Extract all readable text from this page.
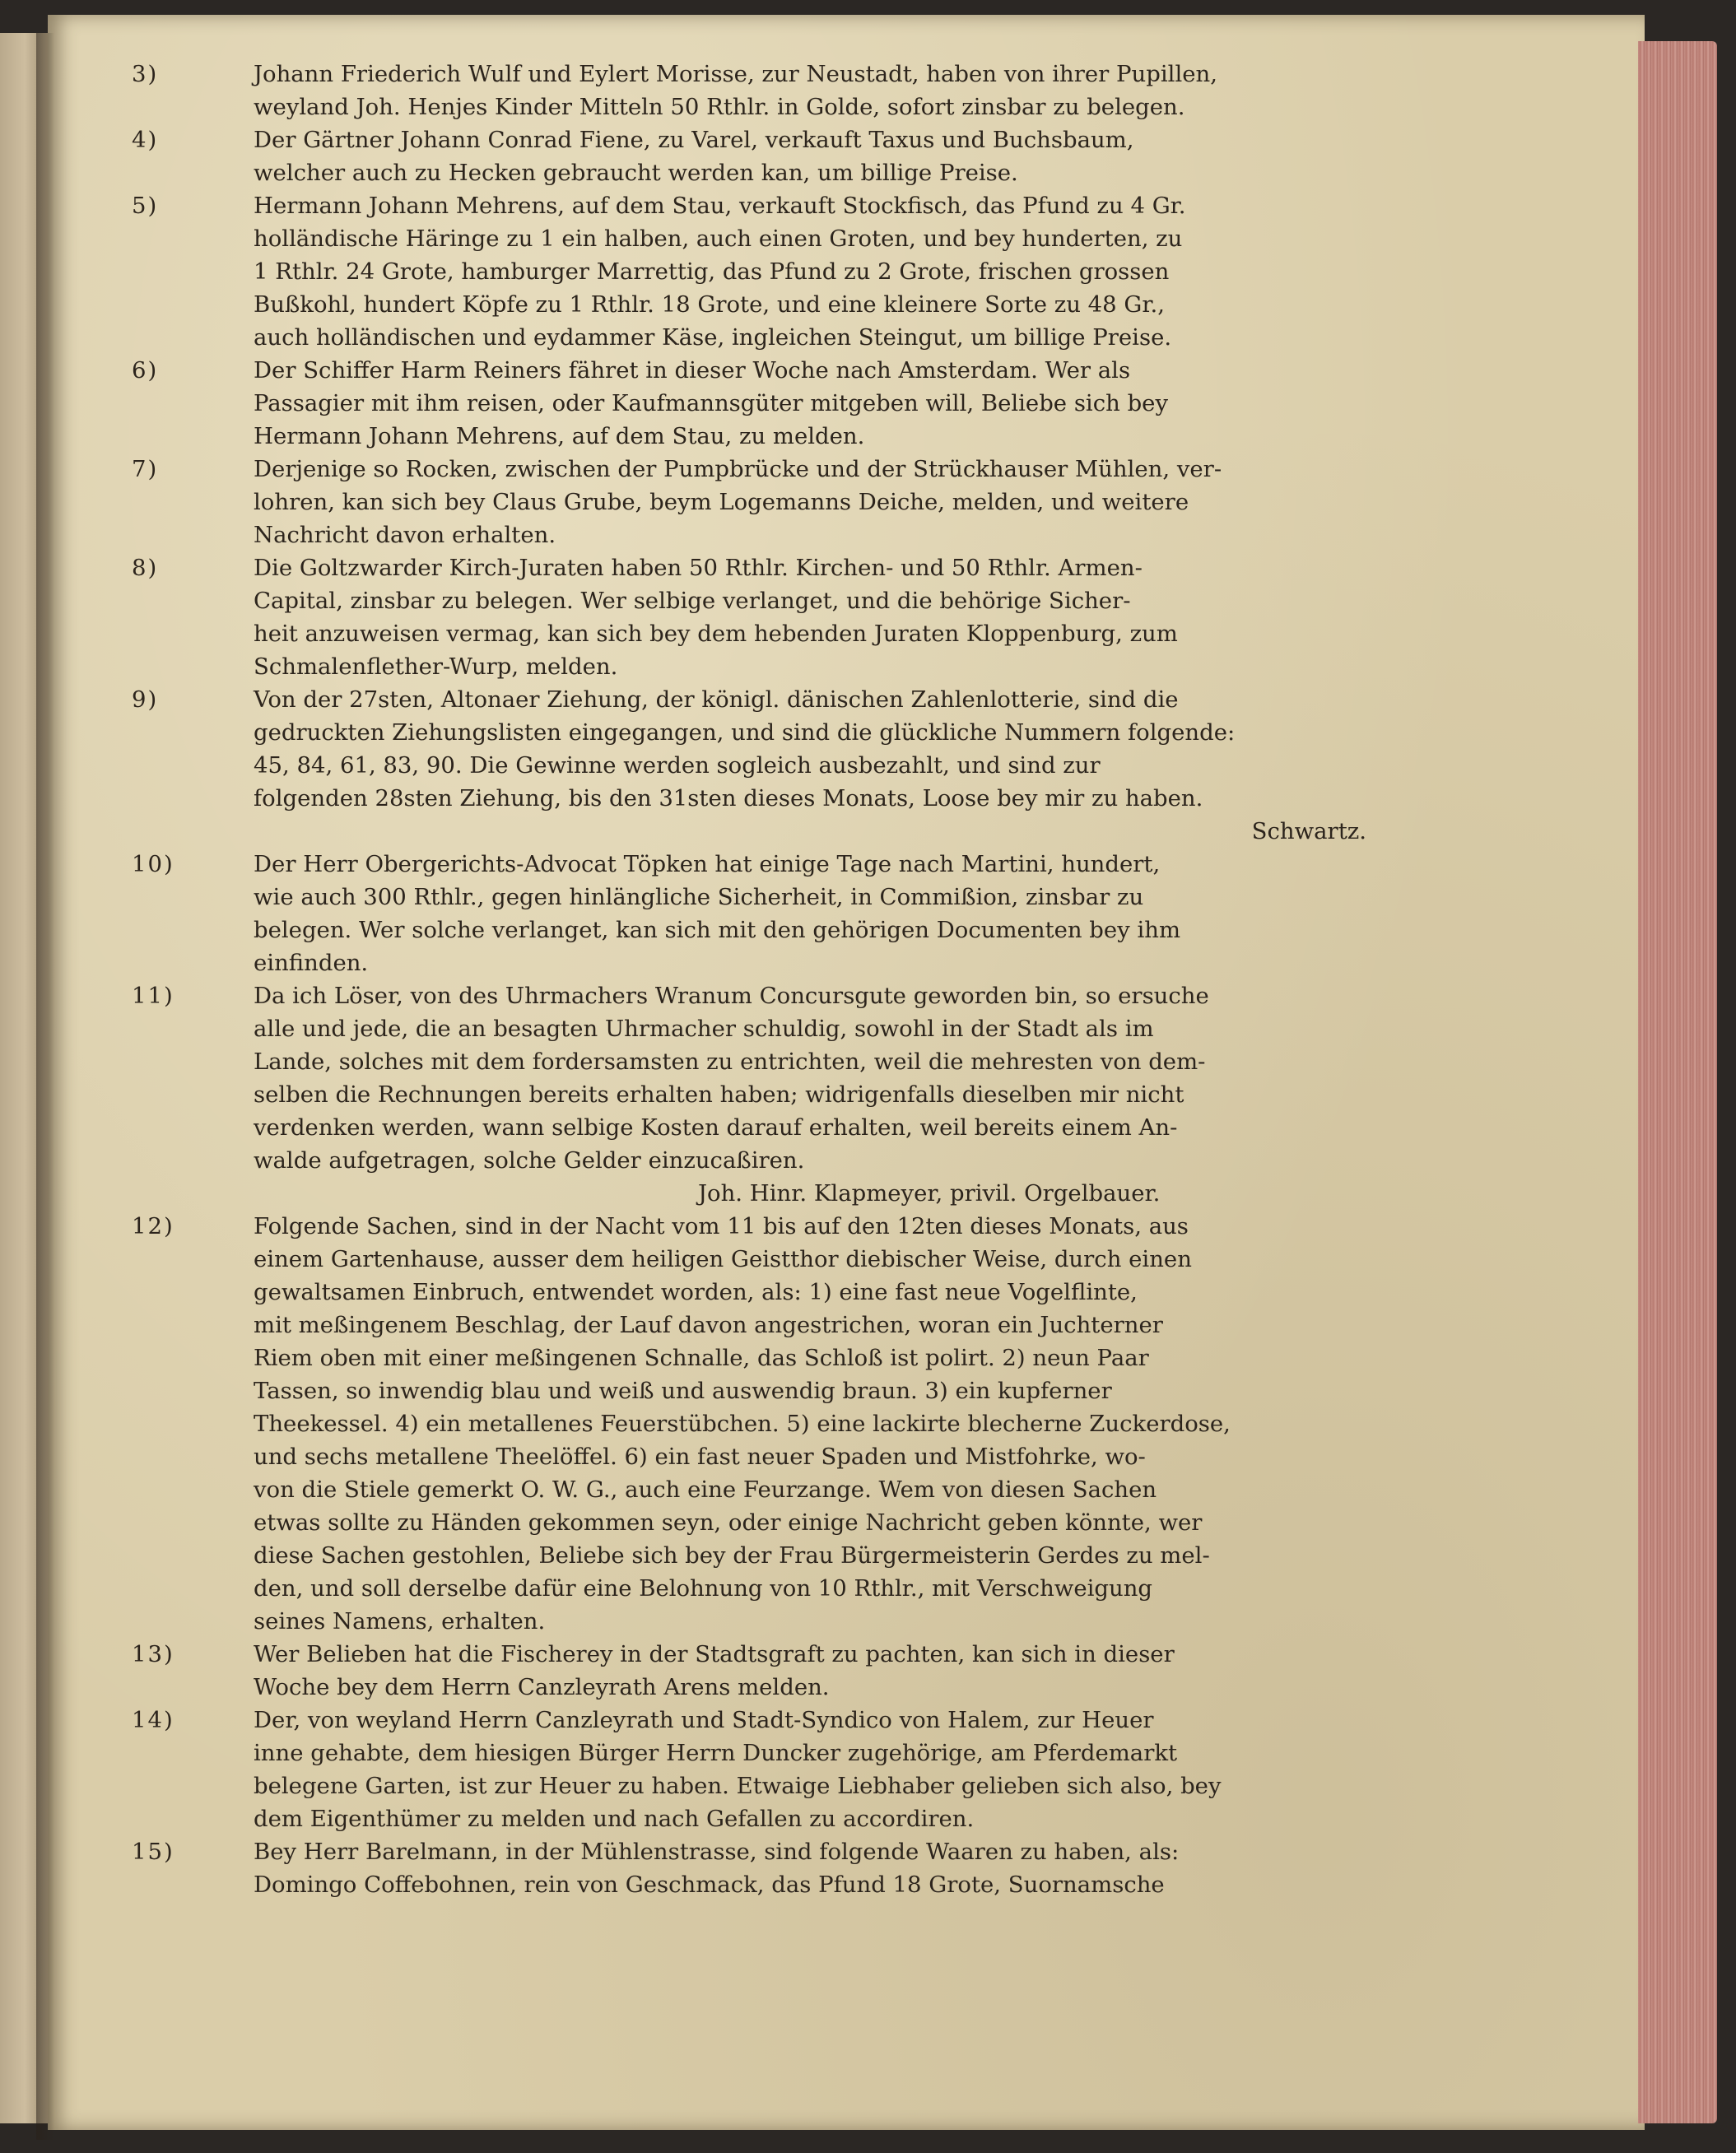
3)	Johann Friederich Wulf und Eylert Morisse, zur Neustadt, haben von ihrer Pupillen,
weyland Joh. Henjes Kinder Mitteln 50 Rthlr. in Golde, sofort zinsbar zu belegen.
4)	Der Gärtner Johann Conrad Fiene, zu Varel, verkauft Taxus und Buchsbaum,
welcher auch zu Hecken gebraucht werden kan, um billige Preise.
5)	Hermann Johann Mehrens, auf dem Stau, verkauft Stockfisch, das Pfund zu 4 Gr.
holländische Häringe zu 1 ein halben, auch einen Groten, und bey hunderten, zu
1 Rthlr. 24 Grote, hamburger Marrettig, das Pfund zu 2 Grote, frischen grossen
Bußkohl, hundert Köpfe zu 1 Rthlr. 18 Grote, und eine kleinere Sorte zu 48 Gr.,
auch holländischen und eydammer Käse, ingleichen Steingut, um billige Preise.
6)	Der Schiffer Harm Reiners fähret in dieser Woche nach Amsterdam. Wer als
Passagier mit ihm reisen, oder Kaufmannsgüter mitgeben will, Beliebe sich bey
Hermann Johann Mehrens, auf dem Stau, zu melden.
7)	Derjenige so Rocken, zwischen der Pumpbrücke und der Strückhauser Mühlen, ver-
lohren, kan sich bey Claus Grube, beym Logemanns Deiche, melden, und weitere
Nachricht davon erhalten.
8)	Die Goltzwarder Kirch-Juraten haben 50 Rthlr. Kirchen- und 50 Rthlr. Armen-
Capital, zinsbar zu belegen. Wer selbige verlanget, und die behörige Sicher-
heit anzuweisen vermag, kan sich bey dem hebenden Juraten Kloppenburg, zum
Schmalenflether-Wurp, melden.
9)	Von der 27sten, Altonaer Ziehung, der königl. dänischen Zahlenlotterie, sind die
gedruckten Ziehungslisten eingegangen, und sind die glückliche Nummern folgende:
45, 84, 61, 83, 90. Die Gewinne werden sogleich ausbezahlt, und sind zur
folgenden 28sten Ziehung, bis den 31sten dieses Monats, Loose bey mir zu haben.
Schwartz.
10)	Der Herr Obergerichts-Advocat Töpken hat einige Tage nach Martini, hundert,
wie auch 300 Rthlr., gegen hinlängliche Sicherheit, in Commißion, zinsbar zu
belegen. Wer solche verlanget, kan sich mit den gehörigen Documenten bey ihm
einfinden.
11)	Da ich Löser, von des Uhrmachers Wranum Concursgute geworden bin, so ersuche
alle und jede, die an besagten Uhrmacher schuldig, sowohl in der Stadt als im
Lande, solches mit dem fordersamsten zu entrichten, weil die mehresten von dem-
selben die Rechnungen bereits erhalten haben; widrigenfalls dieselben mir nicht
verdenken werden, wann selbige Kosten darauf erhalten, weil bereits einem An-
walde aufgetragen, solche Gelder einzucaßiren.
Joh. Hinr. Klapmeyer, privil. Orgelbauer.
12)	Folgende Sachen, sind in der Nacht vom 11 bis auf den 12ten dieses Monats, aus
einem Gartenhause, ausser dem heiligen Geistthor diebischer Weise, durch einen
gewaltsamen Einbruch, entwendet worden, als: 1) eine fast neue Vogelflinte,
mit meßingenem Beschlag, der Lauf davon angestrichen, woran ein Juchterner
Riem oben mit einer meßingenen Schnalle, das Schloß ist polirt. 2) neun Paar
Tassen, so inwendig blau und weiß und auswendig braun. 3) ein kupferner
Theekessel. 4) ein metallenes Feuerstübchen. 5) eine lackirte blecherne Zuckerdose,
und sechs metallene Theelöffel. 6) ein fast neuer Spaden und Mistfohrke, wo-
von die Stiele gemerkt O. W. G., auch eine Feurzange. Wem von diesen Sachen
etwas sollte zu Händen gekommen seyn, oder einige Nachricht geben könnte, wer
diese Sachen gestohlen, Beliebe sich bey der Frau Bürgermeisterin Gerdes zu mel-
den, und soll derselbe dafür eine Belohnung von 10 Rthlr., mit Verschweigung
seines Namens, erhalten.
13)	Wer Belieben hat die Fischerey in der Stadtsgraft zu pachten, kan sich in dieser
Woche bey dem Herrn Canzleyrath Arens melden.
14)	Der, von weyland Herrn Canzleyrath und Stadt-Syndico von Halem, zur Heuer
inne gehabte, dem hiesigen Bürger Herrn Duncker zugehörige, am Pferdemarkt
belegene Garten, ist zur Heuer zu haben. Etwaige Liebhaber gelieben sich also, bey
dem Eigenthümer zu melden und nach Gefallen zu accordiren.
15)	Bey Herr Barelmann, in der Mühlenstrasse, sind folgende Waaren zu haben, als:
Domingo Coffebohnen, rein von Geschmack, das Pfund 18 Grote, Suornamsche
